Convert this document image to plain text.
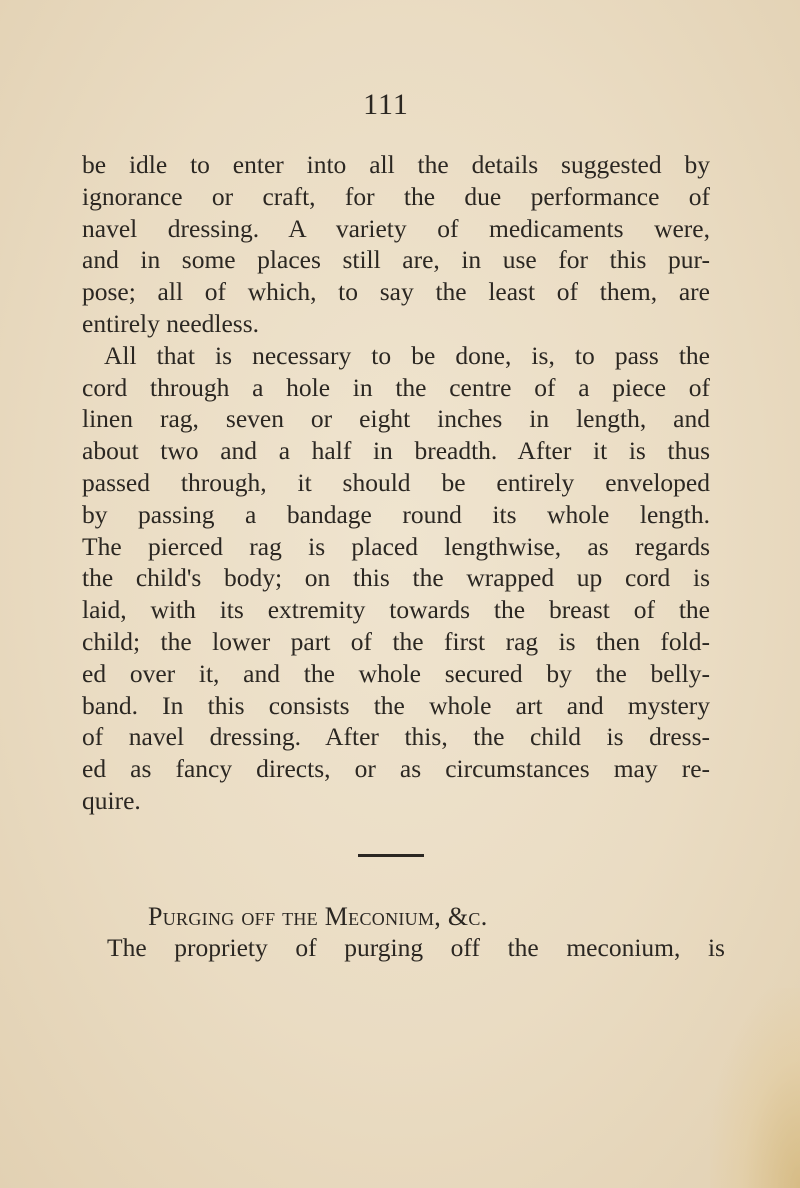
111
be idle to enter into all the details suggested by
ignorance or craft, for the due performance of
navel dressing. A variety of medicaments were,
and in some places still are, in use for this pur-
pose; all of which, to say the least of them, are
entirely needless.
All that is necessary to be done, is, to pass the
cord through a hole in the centre of a piece of
linen rag, seven or eight inches in length, and
about two and a half in breadth. After it is thus
passed through, it should be entirely enveloped
by passing a bandage round its whole length.
The pierced rag is placed lengthwise, as regards
the child's body; on this the wrapped up cord is
laid, with its extremity towards the breast of the
child; the lower part of the first rag is then fold-
ed over it, and the whole secured by the belly-
band. In this consists the whole art and mystery
of navel dressing. After this, the child is dress-
ed as fancy directs, or as circumstances may re-
quire.
Purging off the Meconium, &c.
The propriety of purging off the meconium, is
